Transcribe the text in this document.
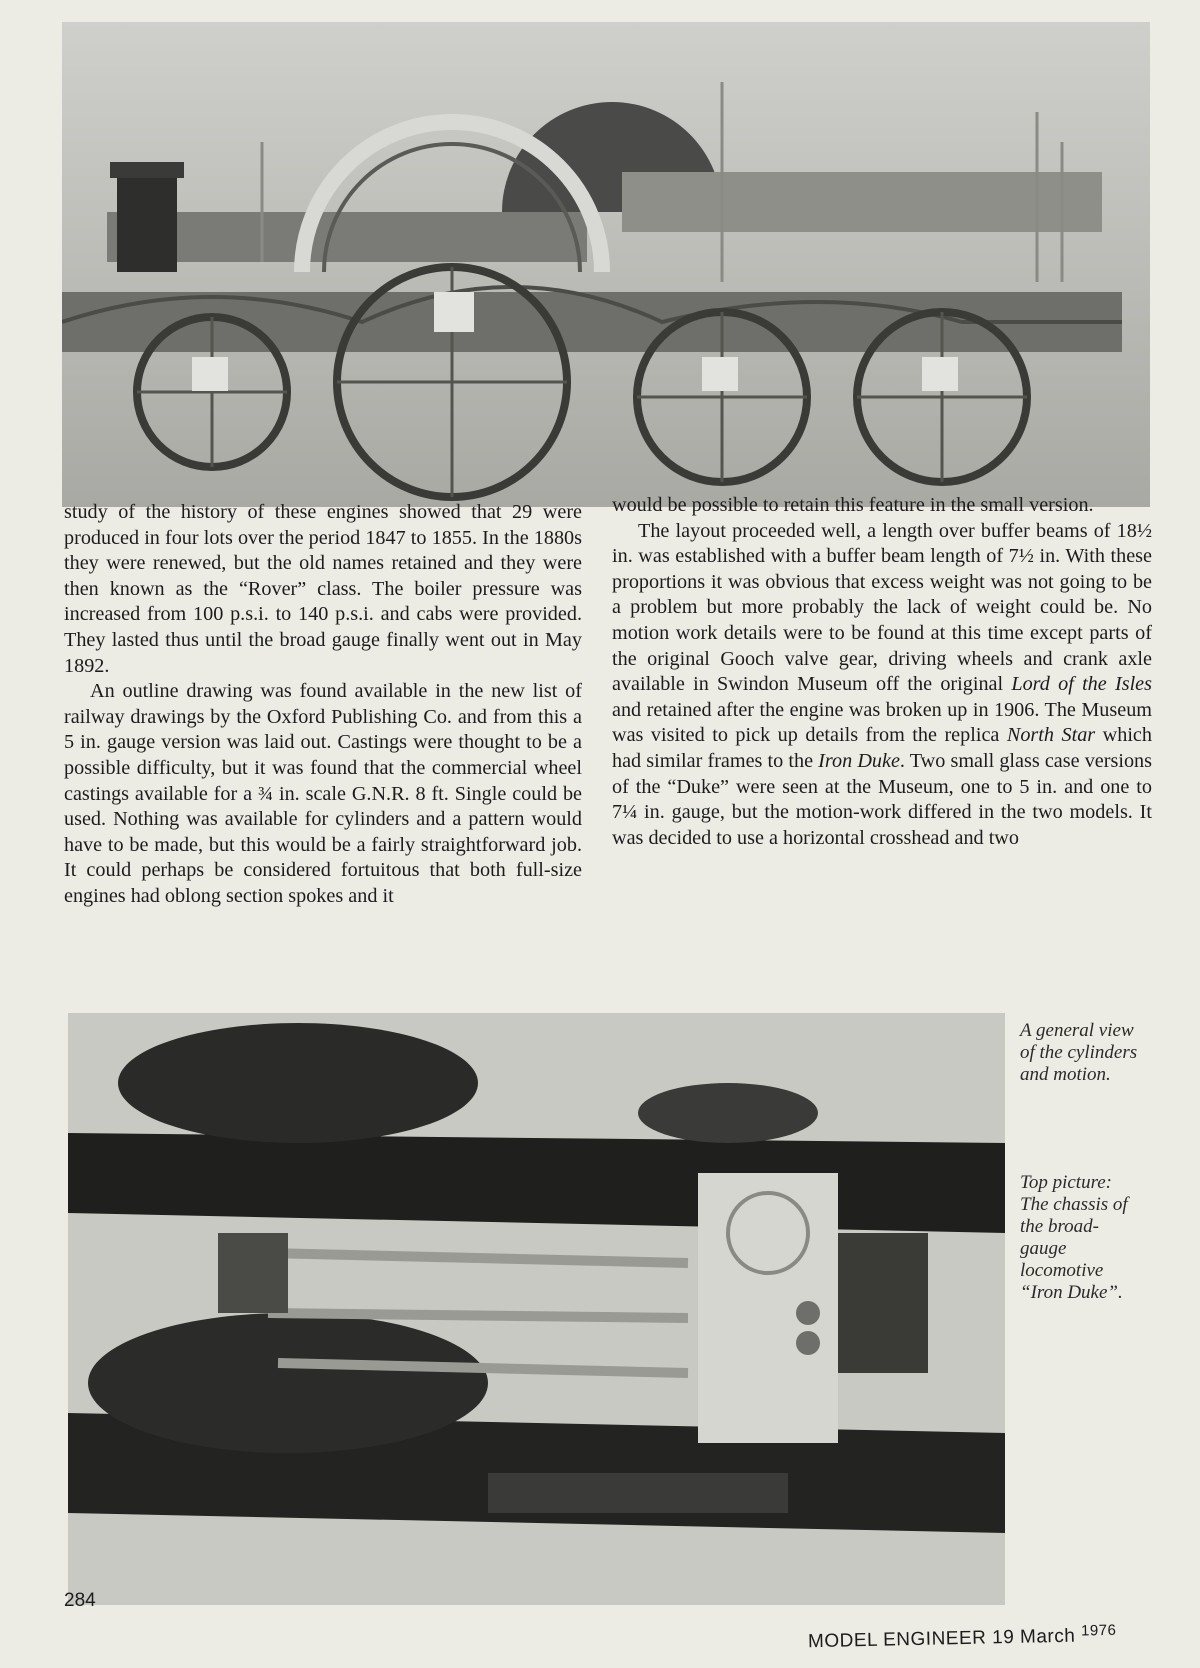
study of the history of these engines showed that 29 were produced in four lots over the period 1847 to 1855. In the 1880s they were renewed, but the old names retained and they were then known as the “Rover” class. The boiler pressure was increased from 100 p.s.i. to 140 p.s.i. and cabs were provided. They lasted thus until the broad gauge finally went out in May 1892.

An outline drawing was found available in the new list of railway drawings by the Oxford Publishing Co. and from this a 5 in. gauge version was laid out. Castings were thought to be a possible difficulty, but it was found that the commercial wheel castings available for a ¾ in. scale G.N.R. 8 ft. Single could be used. Nothing was available for cylinders and a pattern would have to be made, but this would be a fairly straightforward job. It could perhaps be considered fortuitous that both full-size engines had oblong section spokes and it

would be possible to retain this feature in the small version.

The layout proceeded well, a length over buffer beams of 18½ in. was established with a buffer beam length of 7½ in. With these proportions it was obvious that excess weight was not going to be a problem but more probably the lack of weight could be. No motion work details were to be found at this time except parts of the original Gooch valve gear, driving wheels and crank axle available in Swindon Museum off the original Lord of the Isles and retained after the engine was broken up in 1906. The Museum was visited to pick up details from the replica North Star which had similar frames to the Iron Duke. Two small glass case versions of the “Duke” were seen at the Museum, one to 5 in. and one to 7¼ in. gauge, but the motion-work differed in the two models. It was decided to use a horizontal crosshead and two

A general view of the cylinders and motion.
Top picture: The chassis of the broad-gauge locomotive “Iron Duke”.
284
MODEL ENGINEER 19 March $^{1976}$
